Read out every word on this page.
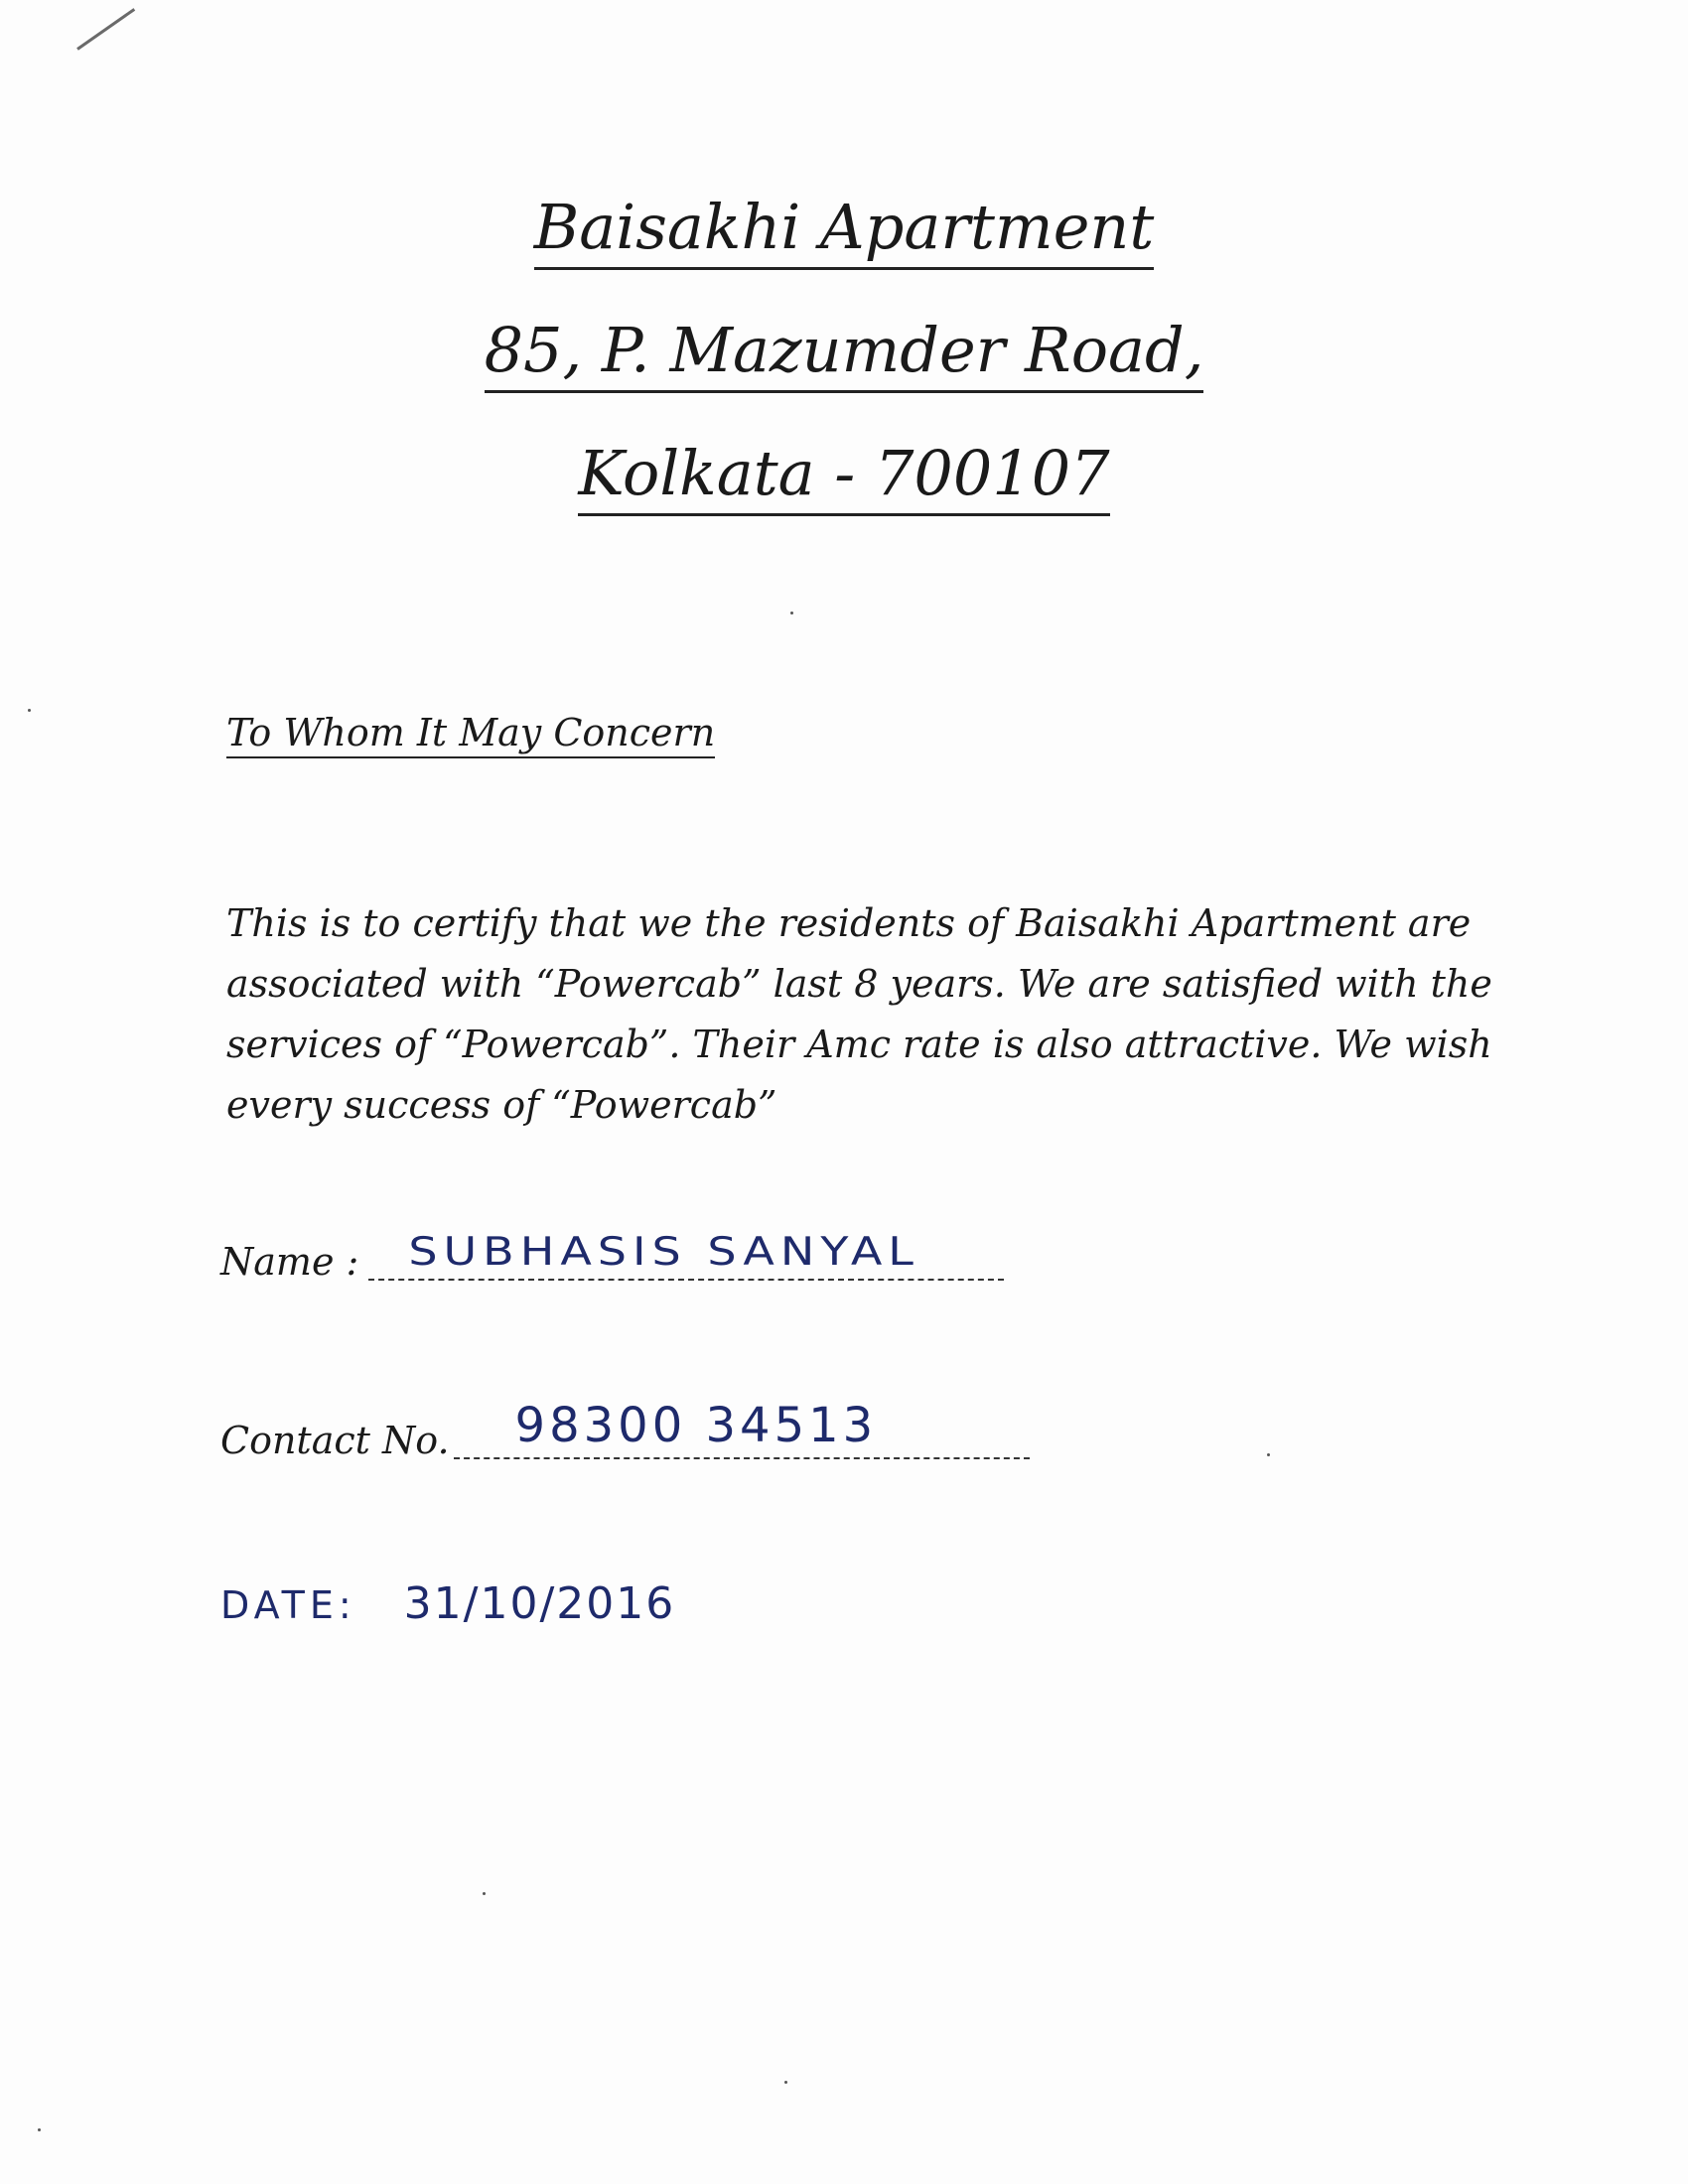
Baisakhi Apartment
85, P. Mazumder Road,
Kolkata - 700107
To Whom It May Concern
This is to certify that we the residents of Baisakhi Apartment are associated with “Powercab” last 8 years. We are satisfied with the services of “Powercab”. Their Amc rate is also attractive. We wish every success of “Powercab”
Name : SUBHASIS SANYAL
Contact No. 98300 34513
DATE: 31/10/2016
